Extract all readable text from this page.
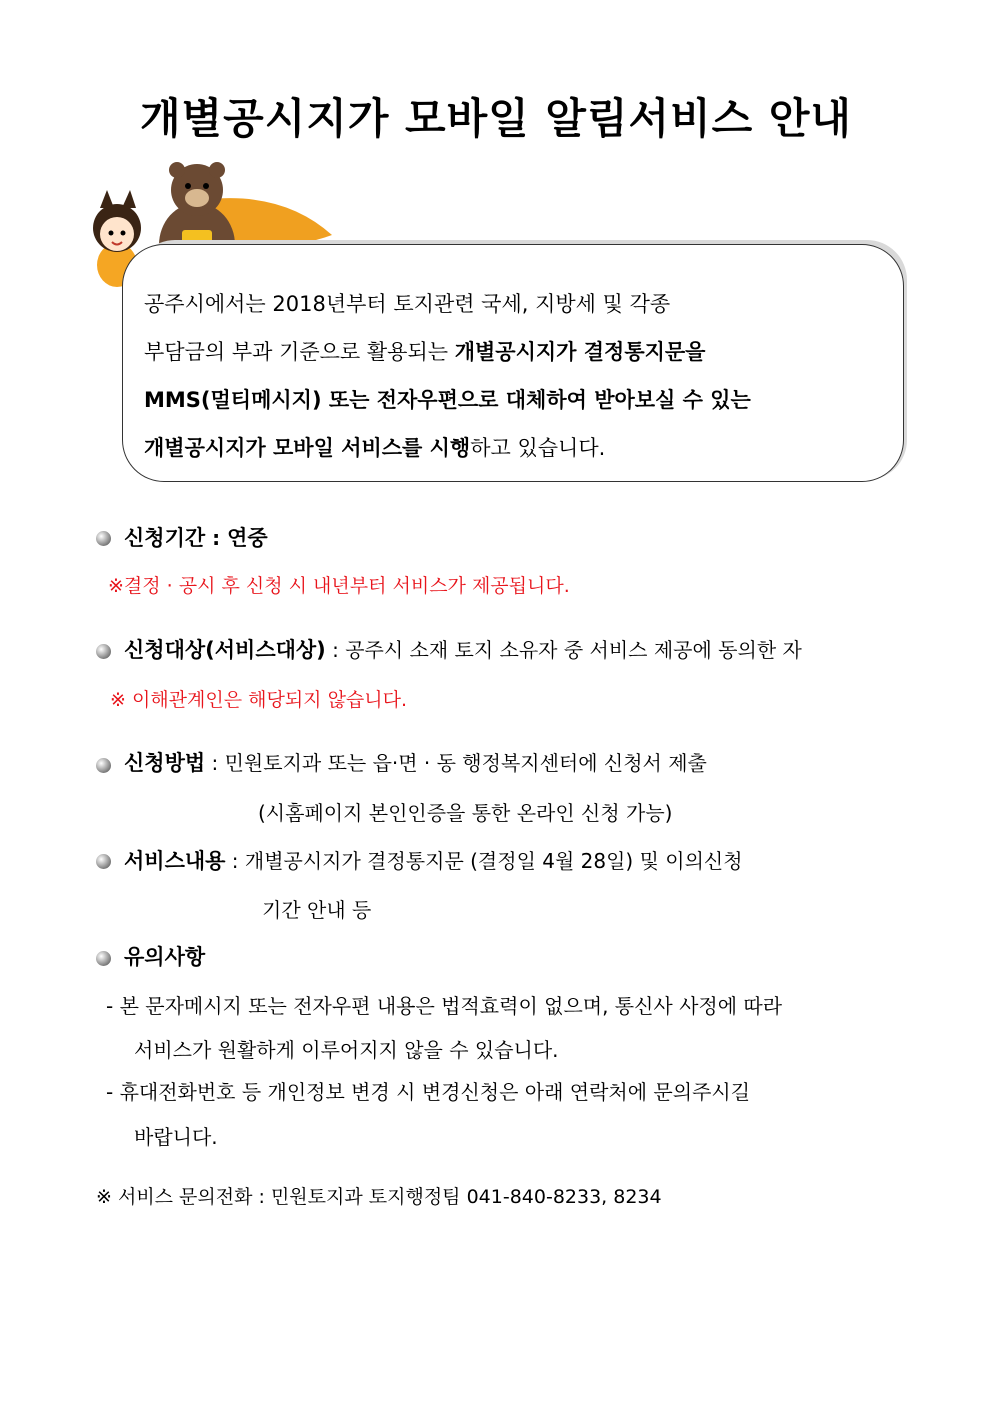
개별공시지가 모바일 알림서비스 안내
공주시에서는 2018년부터 토지관련 국세, 지방세 및 각종
부담금의 부과 기준으로 활용되는 개별공시지가 결정통지문을
MMS(멀티메시지) 또는 전자우편으로 대체하여 받아보실 수 있는
개별공시지가 모바일 서비스를 시행하고 있습니다.
신청기간 : 연중
※결정 · 공시 후 신청 시 내년부터 서비스가 제공됩니다.
신청대상(서비스대상) : 공주시 소재 토지 소유자 중 서비스 제공에 동의한 자
※ 이해관계인은 해당되지 않습니다.
신청방법 : 민원토지과 또는 읍·면 · 동 행정복지센터에 신청서 제출
(시홈페이지 본인인증을 통한 온라인 신청 가능)
서비스내용 : 개별공시지가 결정통지문 (결정일 4월 28일) 및 이의신청
기간 안내 등
유의사항
- 본 문자메시지 또는 전자우편 내용은 법적효력이 없으며, 통신사 사정에 따라
서비스가 원활하게 이루어지지 않을 수 있습니다.
- 휴대전화번호 등 개인정보 변경 시 변경신청은 아래 연락처에 문의주시길
바랍니다.
※ 서비스 문의전화 : 민원토지과 토지행정팀 041-840-8233, 8234
